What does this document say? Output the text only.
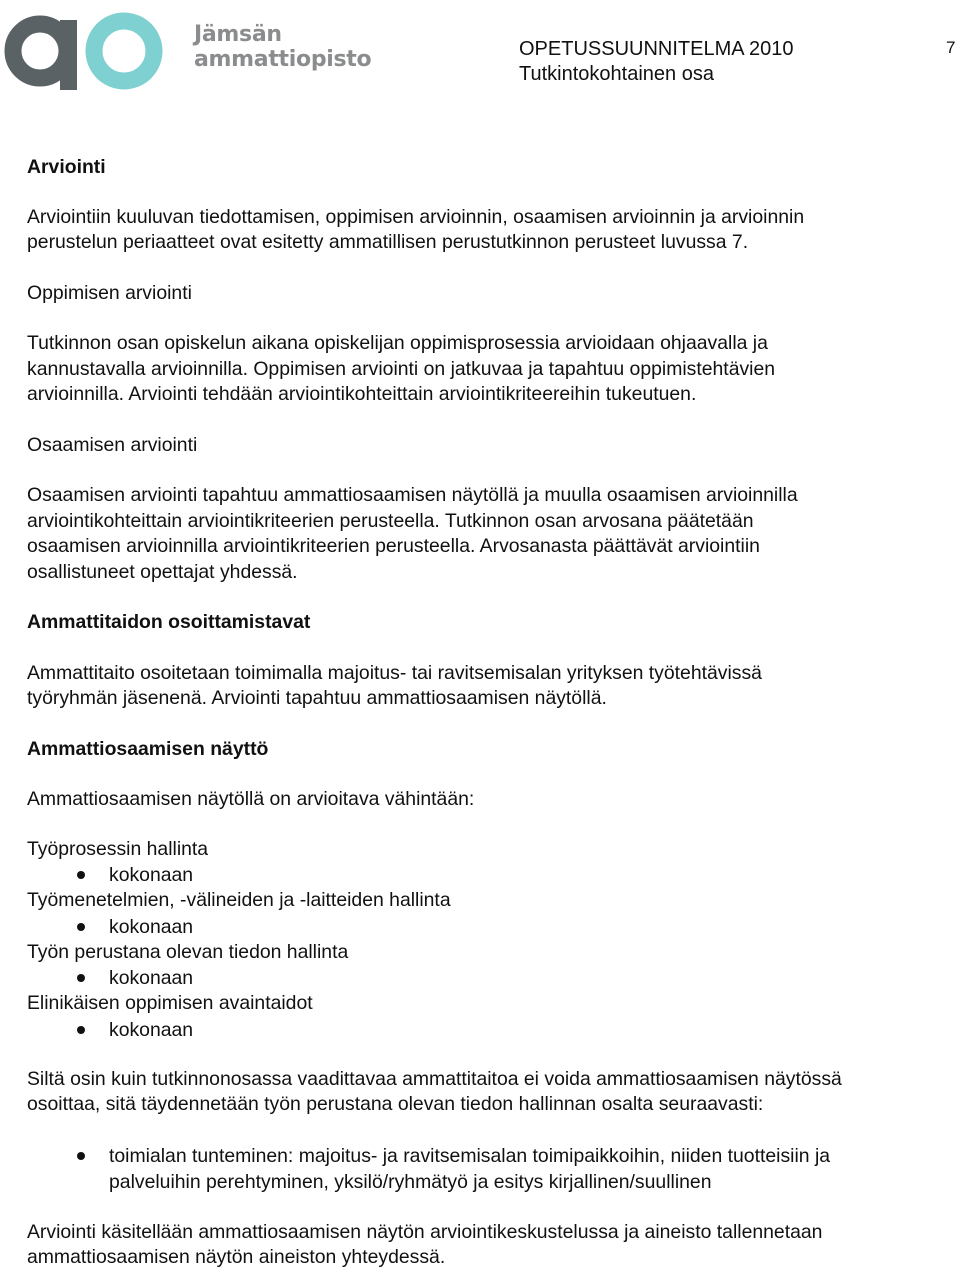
Jämsän
ammattiopisto	OPETUSSUUNNITELMA 2010
Tutkintokohtainen osa
7
Arviointi

Arviointiin kuuluvan tiedottamisen, oppimisen arvioinnin, osaamisen arvioinnin ja arvioinnin

perustelun periaatteet ovat esitetty ammatillisen perustutkinnon perusteet luvussa 7.

Oppimisen arviointi

Tutkinnon osan opiskelun aikana opiskelijan oppimisprosessia arvioidaan ohjaavalla ja

kannustavalla arvioinnilla. Oppimisen arviointi on jatkuvaa ja tapahtuu oppimistehtävien

arvioinnilla. Arviointi tehdään arviointikohteittain arviointikriteereihin tukeutuen.

Osaamisen arviointi

Osaamisen arviointi tapahtuu ammattiosaamisen näytöllä ja muulla osaamisen arvioinnilla

arviointikohteittain arviointikriteerien perusteella. Tutkinnon osan arvosana päätetään

osaamisen arvioinnilla arviointikriteerien perusteella. Arvosanasta päättävät arviointiin

osallistuneet opettajat yhdessä.

Ammattitaidon osoittamistavat

Ammattitaito osoitetaan toimimalla majoitus- tai ravitsemisalan yrityksen työtehtävissä

työryhmän jäsenenä. Arviointi tapahtuu ammattiosaamisen näytöllä.

Ammattiosaamisen näyttö

Ammattiosaamisen näytöllä on arvioitava vähintään:

Työprosessin hallinta

kokonaan

Työmenetelmien, -välineiden ja -laitteiden hallinta

kokonaan

Työn perustana olevan tiedon hallinta

kokonaan

Elinikäisen oppimisen avaintaidot

kokonaan

Siltä osin kuin tutkinnonosassa vaadittavaa ammattitaitoa ei voida ammattiosaamisen näytössä

osoittaa, sitä täydennetään työn perustana olevan tiedon hallinnan osalta seuraavasti:

toimialan tunteminen: majoitus- ja ravitsemisalan toimipaikkoihin, niiden tuotteisiin ja
palveluihin perehtyminen, yksilö/ryhmätyö ja esitys kirjallinen/suullinen

Arviointi käsitellään ammattiosaamisen näytön arviointikeskustelussa ja aineisto tallennetaan

ammattiosaamisen näytön aineiston yhteydessä.
